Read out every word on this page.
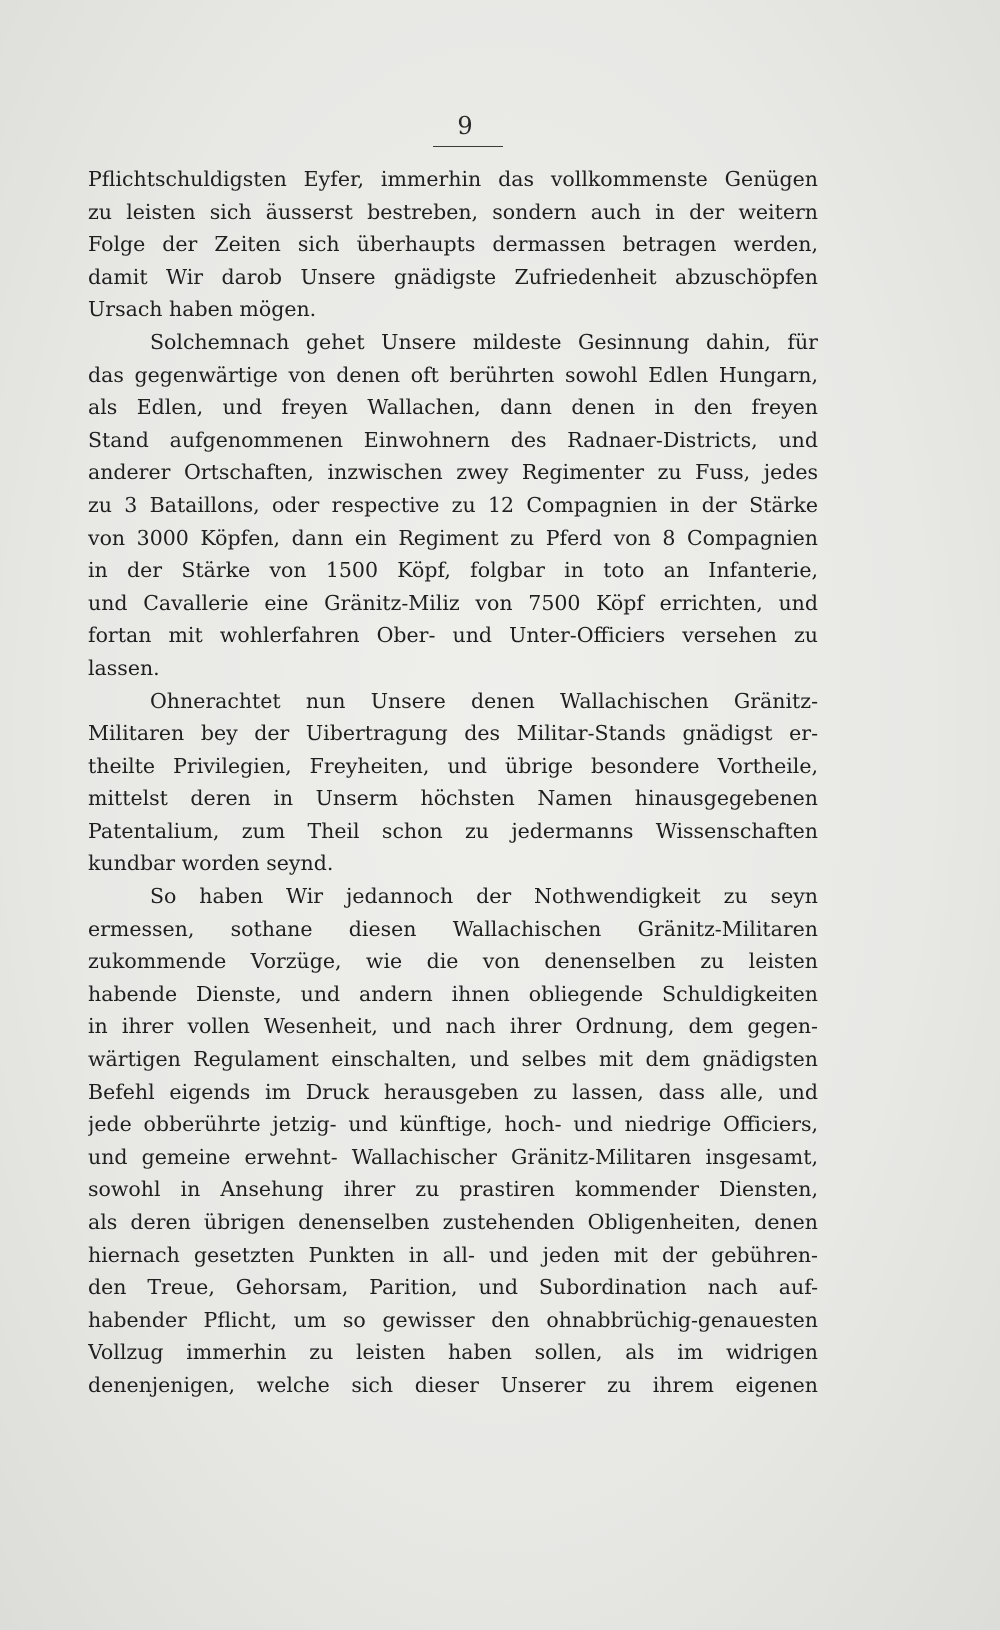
9
Pflichtschuldigsten Eyfer, immerhin das vollkommenste Genügen
zu leisten sich äusserst bestreben, sondern auch in der weitern
Folge der Zeiten sich überhaupts dermassen betragen werden,
damit Wir darob Unsere gnädigste Zufriedenheit abzuschöpfen
Ursach haben mögen.
Solchemnach gehet Unsere mildeste Gesinnung dahin, für
das gegenwärtige von denen oft berührten sowohl Edlen Hungarn,
als Edlen, und freyen Wallachen, dann denen in den freyen
Stand aufgenommenen Einwohnern des Radnaer-Districts, und
anderer Ortschaften, inzwischen zwey Regimenter zu Fuss, jedes
zu 3 Bataillons, oder respective zu 12 Compagnien in der Stärke
von 3000 Köpfen, dann ein Regiment zu Pferd von 8 Compagnien
in der Stärke von 1500 Köpf, folgbar in toto an Infanterie,
und Cavallerie eine Gränitz-Miliz von 7500 Köpf errichten, und
fortan mit wohlerfahren Ober- und Unter-Officiers versehen zu
lassen.
Ohnerachtet nun Unsere denen Wallachischen Gränitz-
Militaren bey der Uibertragung des Militar-Stands gnädigst er-
theilte Privilegien, Freyheiten, und übrige besondere Vortheile,
mittelst deren in Unserm höchsten Namen hinausgegebenen
Patentalium, zum Theil schon zu jedermanns Wissenschaften
kundbar worden seynd.
So haben Wir jedannoch der Nothwendigkeit zu seyn
ermessen, sothane diesen Wallachischen Gränitz-Militaren
zukommende Vorzüge, wie die von denenselben zu leisten
habende Dienste, und andern ihnen obliegende Schuldigkeiten
in ihrer vollen Wesenheit, und nach ihrer Ordnung, dem gegen-
wärtigen Regulament einschalten, und selbes mit dem gnädigsten
Befehl eigends im Druck herausgeben zu lassen, dass alle, und
jede obberührte jetzig- und künftige, hoch- und niedrige Officiers,
und gemeine erwehnt- Wallachischer Gränitz-Militaren insgesamt,
sowohl in Ansehung ihrer zu prastiren kommender Diensten,
als deren übrigen denenselben zustehenden Obligenheiten, denen
hiernach gesetzten Punkten in all- und jeden mit der gebühren-
den Treue, Gehorsam, Parition, und Subordination nach auf-
habender Pflicht, um so gewisser den ohnabbrüchig-genauesten
Vollzug immerhin zu leisten haben sollen, als im widrigen
denenjenigen, welche sich dieser Unserer zu ihrem eigenen
